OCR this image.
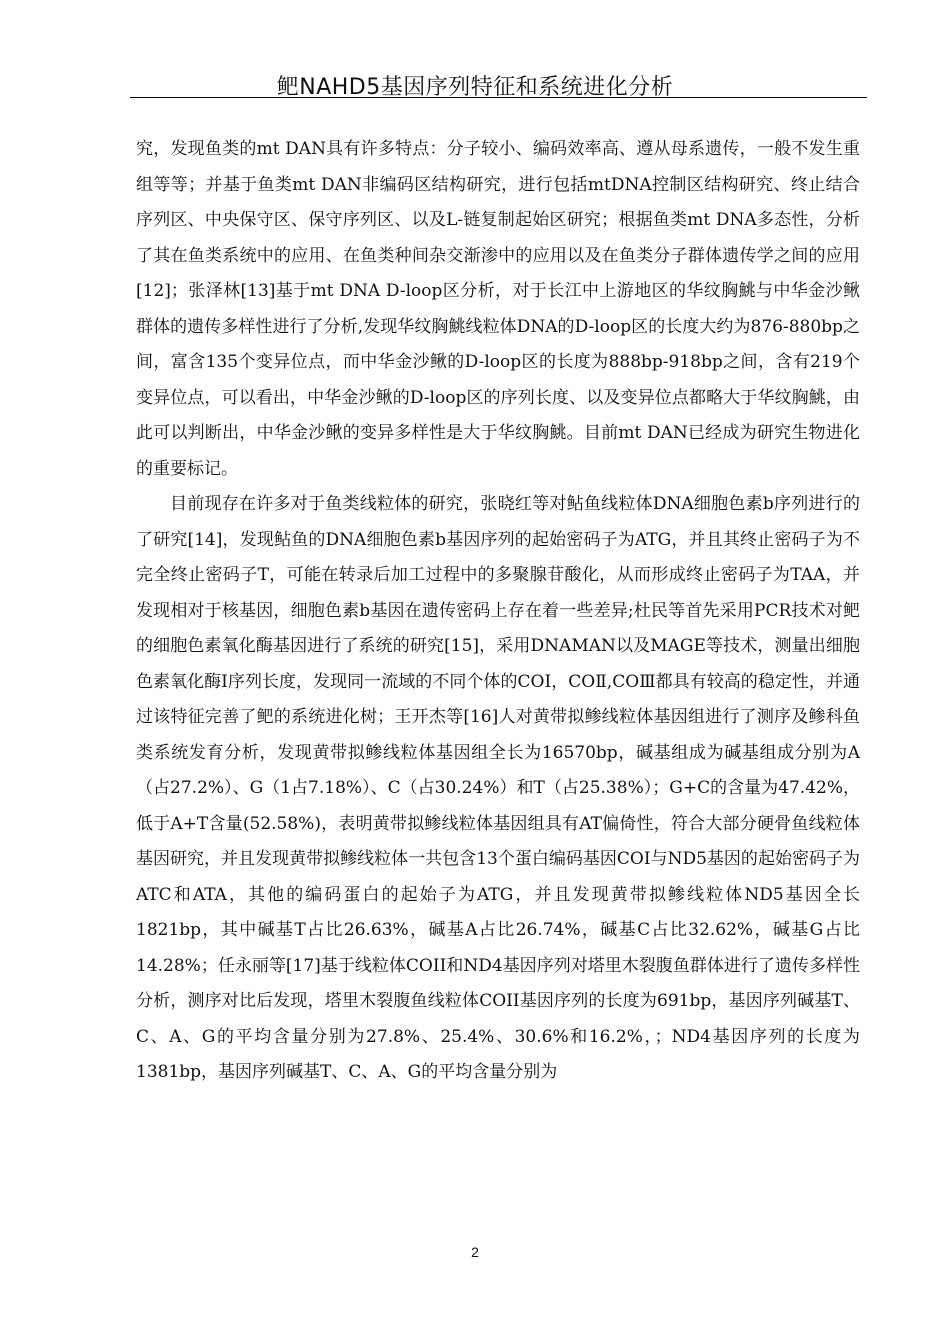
鲃NAHD5基因序列特征和系统进化分析

究，发现鱼类的mt DAN具有许多特点：分子较小、编码效率高、遵从母系遗传，一般不发生重组等等；并基于鱼类mt DAN非编码区结构研究，进行包括mtDNA控制区结构研究、终止结合序列区、中央保守区、保守序列区、以及L-链复制起始区研究；根据鱼类mt DNA多态性，分析了其在鱼类系统中的应用、在鱼类种间杂交渐渗中的应用以及在鱼类分子群体遗传学之间的应用[12]；张泽林[13]基于mt DNA D-loop区分析，对于长江中上游地区的华纹胸鮡与中华金沙鳅群体的遗传多样性进行了分析,发现华纹胸鮡线粒体DNA的D-loop区的长度大约为876-880bp之间，富含135个变异位点，而中华金沙鳅的D-loop区的长度为888bp-918bp之间，含有219个变异位点，可以看出，中华金沙鳅的D-loop区的序列长度、以及变异位点都略大于华纹胸鮡，由此可以判断出，中华金沙鳅的变异多样性是大于华纹胸鮡。目前mt DAN已经成为研究生物进化的重要标记。

目前现存在许多对于鱼类线粒体的研究，张晓红等对鲇鱼线粒体DNA细胞色素b序列进行的了研究[14]，发现鲇鱼的DNA细胞色素b基因序列的起始密码子为ATG，并且其终止密码子为不完全终止密码子T，可能在转录后加工过程中的多聚腺苷酸化，从而形成终止密码子为TAA，并发现相对于核基因，细胞色素b基因在遗传密码上存在着一些差异;杜民等首先采用PCR技术对鲃的细胞色素氧化酶基因进行了系统的研究[15]，采用DNAMAN以及MAGE等技术，测量出细胞色素氧化酶Ⅰ序列长度，发现同一流域的不同个体的COⅠ，COⅡ,COⅢ都具有较高的稳定性，并通过该特征完善了鲃的系统进化树；王开杰等[16]人对黄带拟鲹线粒体基因组进行了测序及鲹科鱼类系统发育分析，发现黄带拟鲹线粒体基因组全长为16570bp，碱基组成为碱基组成分别为A（占27.2%）、G（1占7.18%）、C（占30.24%）和T（占25.38%）；G+C的含量为47.42%，低于A+T含量(52.58%)，表明黄带拟鲹线粒体基因组具有AT偏倚性，符合大部分硬骨鱼线粒体基因研究，并且发现黄带拟鲹线粒体一共包含13个蛋白编码基因COI与ND5基因的起始密码子为ATC和ATA，其他的编码蛋白的起始子为ATG，并且发现黄带拟鲹线粒体ND5基因全长1821bp，其中碱基T占比26.63%，碱基A占比26.74%，碱基C占比32.62%，碱基G占比14.28%；任永丽等[17]基于线粒体COII和ND4基因序列对塔里木裂腹鱼群体进行了遗传多样性分析，测序对比后发现，塔里木裂腹鱼线粒体COII基因序列的长度为691bp，基因序列碱基T、C、A、G的平均含量分别为27.8%、25.4%、30.6%和16.2%，；ND4基因序列的长度为1381bp，基因序列碱基T、C、A、G的平均含量分别为

2
